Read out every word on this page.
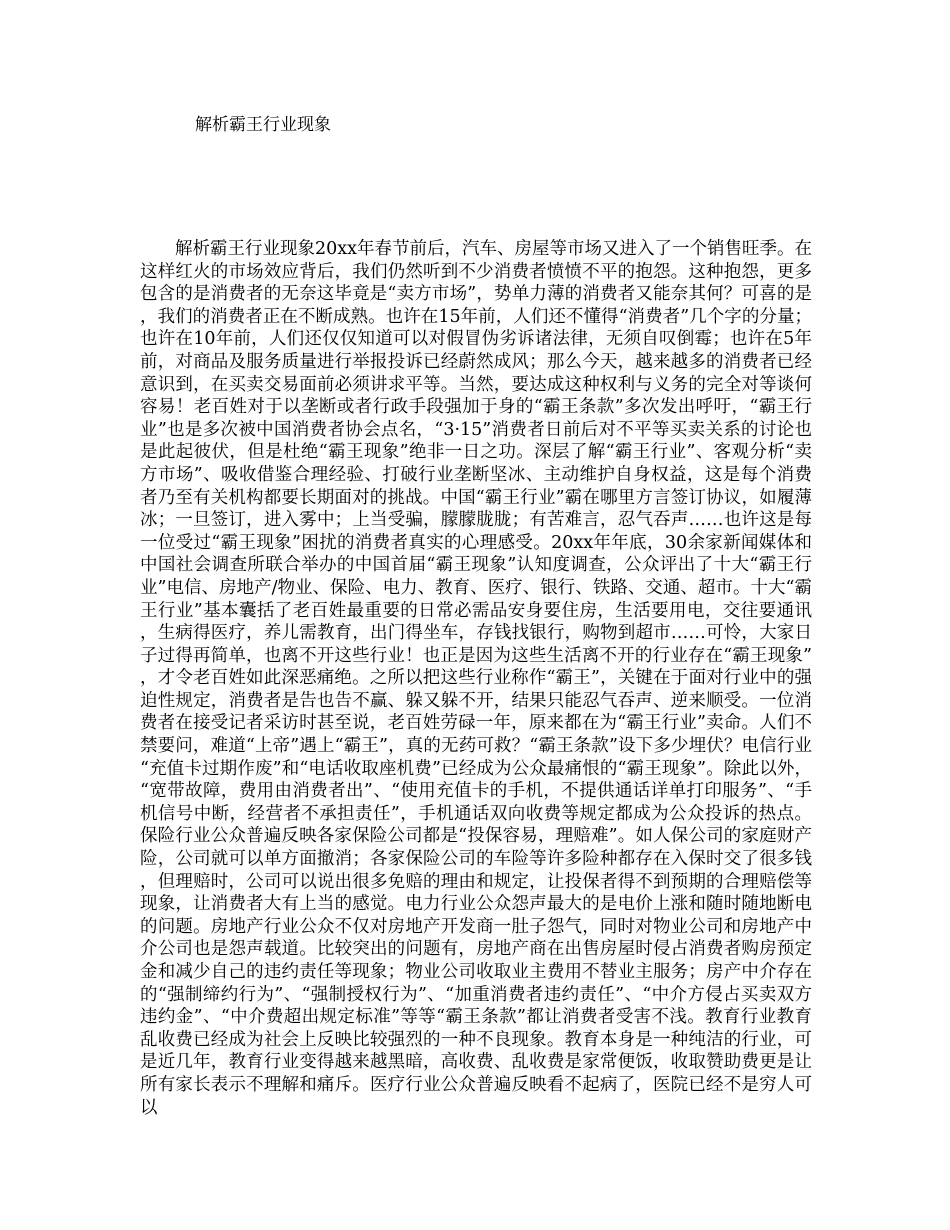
解析霸王行业现象

解析霸王行业现象20xx年春节前后，汽车、房屋等市场又进入了一个销售旺季。在这样红火的市场效应背后，我们仍然听到不少消费者愤愤不平的抱怨。这种抱怨，更多包含的是消费者的无奈这毕竟是“卖方市场”，势单力薄的消费者又能奈其何？可喜的是，我们的消费者正在不断成熟。也许在15年前，人们还不懂得“消费者”几个字的分量；也许在10年前，人们还仅仅知道可以对假冒伪劣诉诸法律，无须自叹倒霉；也许在5年前，对商品及服务质量进行举报投诉已经蔚然成风；那么今天，越来越多的消费者已经意识到，在买卖交易面前必须讲求平等。当然，要达成这种权利与义务的完全对等谈何容易！老百姓对于以垄断或者行政手段强加于身的“霸王条款”多次发出呼吁，“霸王行业”也是多次被中国消费者协会点名，“3·15”消费者日前后对不平等买卖关系的讨论也是此起彼伏，但是杜绝“霸王现象”绝非一日之功。深层了解“霸王行业”、客观分析“卖方市场”、吸收借鉴合理经验、打破行业垄断坚冰、主动维护自身权益，这是每个消费者乃至有关机构都要长期面对的挑战。中国“霸王行业”霸在哪里方言签订协议，如履薄冰；一旦签订，进入雾中；上当受骗，朦朦胧胧；有苦难言，忍气吞声……也许这是每一位受过“霸王现象”困扰的消费者真实的心理感受。20xx年年底，30余家新闻媒体和中国社会调查所联合举办的中国首届“霸王现象”认知度调查，公众评出了十大“霸王行业”电信、房地产/物业、保险、电力、教育、医疗、银行、铁路、交通、超市。十大“霸王行业”基本囊括了老百姓最重要的日常必需品安身要住房，生活要用电，交往要通讯，生病得医疗，养儿需教育，出门得坐车，存钱找银行，购物到超市……可怜，大家日子过得再简单，也离不开这些行业！也正是因为这些生活离不开的行业存在“霸王现象”，才令老百姓如此深恶痛绝。之所以把这些行业称作“霸王”，关键在于面对行业中的强迫性规定，消费者是告也告不赢、躲又躲不开，结果只能忍气吞声、逆来顺受。一位消费者在接受记者采访时甚至说，老百姓劳碌一年，原来都在为“霸王行业”卖命。人们不禁要问，难道“上帝”遇上“霸王”，真的无药可救？“霸王条款”设下多少埋伏？电信行业“充值卡过期作废”和“电话收取座机费”已经成为公众最痛恨的“霸王现象”。除此以外，“宽带故障，费用由消费者出”、“使用充值卡的手机，不提供通话详单打印服务”、“手机信号中断，经营者不承担责任”，手机通话双向收费等规定都成为公众投诉的热点。保险行业公众普遍反映各家保险公司都是“投保容易，理赔难”。如人保公司的家庭财产险，公司就可以单方面撤消；各家保险公司的车险等许多险种都存在入保时交了很多钱，但理赔时，公司可以说出很多免赔的理由和规定，让投保者得不到预期的合理赔偿等现象，让消费者大有上当的感觉。电力行业公众怨声最大的是电价上涨和随时随地断电的问题。房地产行业公众不仅对房地产开发商一肚子怨气，同时对物业公司和房地产中介公司也是怨声载道。比较突出的问题有，房地产商在出售房屋时侵占消费者购房预定金和减少自己的违约责任等现象；物业公司收取业主费用不替业主服务；房产中介存在的“强制缔约行为”、“强制授权行为”、“加重消费者违约责任”、“中介方侵占买卖双方违约金”、“中介费超出规定标准”等等“霸王条款”都让消费者受害不浅。教育行业教育乱收费已经成为社会上反映比较强烈的一种不良现象。教育本身是一种纯洁的行业，可是近几年，教育行业变得越来越黑暗，高收费、乱收费是家常便饭，收取赞助费更是让所有家长表示不理解和痛斥。医疗行业公众普遍反映看不起病了，医院已经不是穷人可以
